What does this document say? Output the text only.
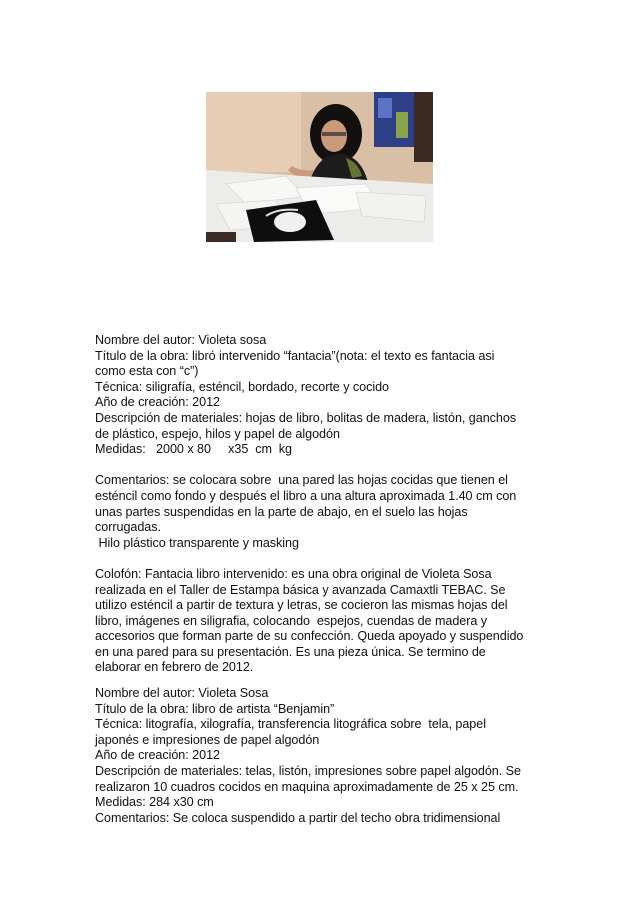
Nombre del autor: Violeta sosa
Título de la obra: libró intervenido “fantacia”(nota: el texto es fantacia asi
como esta con “c”)
Técnica: siligrafía, esténcil, bordado, recorte y cocido
Año de creación: 2012
Descripción de materiales: hojas de libro, bolitas de madera, listón, ganchos
de plástico, espejo, hilos y papel de algodón
Medidas:   2000 x 80     x35  cm  kg
Comentarios: se colocara sobre  una pared las hojas cocidas que tienen el
esténcil como fondo y después el libro a una altura aproximada 1.40 cm con
unas partes suspendidas en la parte de abajo, en el suelo las hojas
corrugadas.
Hilo plástico transparente y masking
Colofón: Fantacia libro intervenido: es una obra original de Violeta Sosa
realizada en el Taller de Estampa básica y avanzada Camaxtli TEBAC. Se
utilizo esténcil a partir de textura y letras, se cocieron las mismas hojas del
libro, imágenes en siligrafia, colocando  espejos, cuendas de madera y
accesorios que forman parte de su confección. Queda apoyado y suspendido
en una pared para su presentación. Es una pieza única. Se termino de
elaborar en febrero de 2012.
Nombre del autor: Violeta Sosa
Título de la obra: libro de artista “Benjamin”
Técnica: litografía, xilografía, transferencia litográfica sobre  tela, papel
japonés e impresiones de papel algodón
Año de creación: 2012
Descripción de materiales: telas, listón, impresiones sobre papel algodón. Se
realizaron 10 cuadros cocidos en maquina aproximadamente de 25 x 25 cm.
Medidas: 284 x30 cm
Comentarios: Se coloca suspendido a partir del techo obra tridimensional
